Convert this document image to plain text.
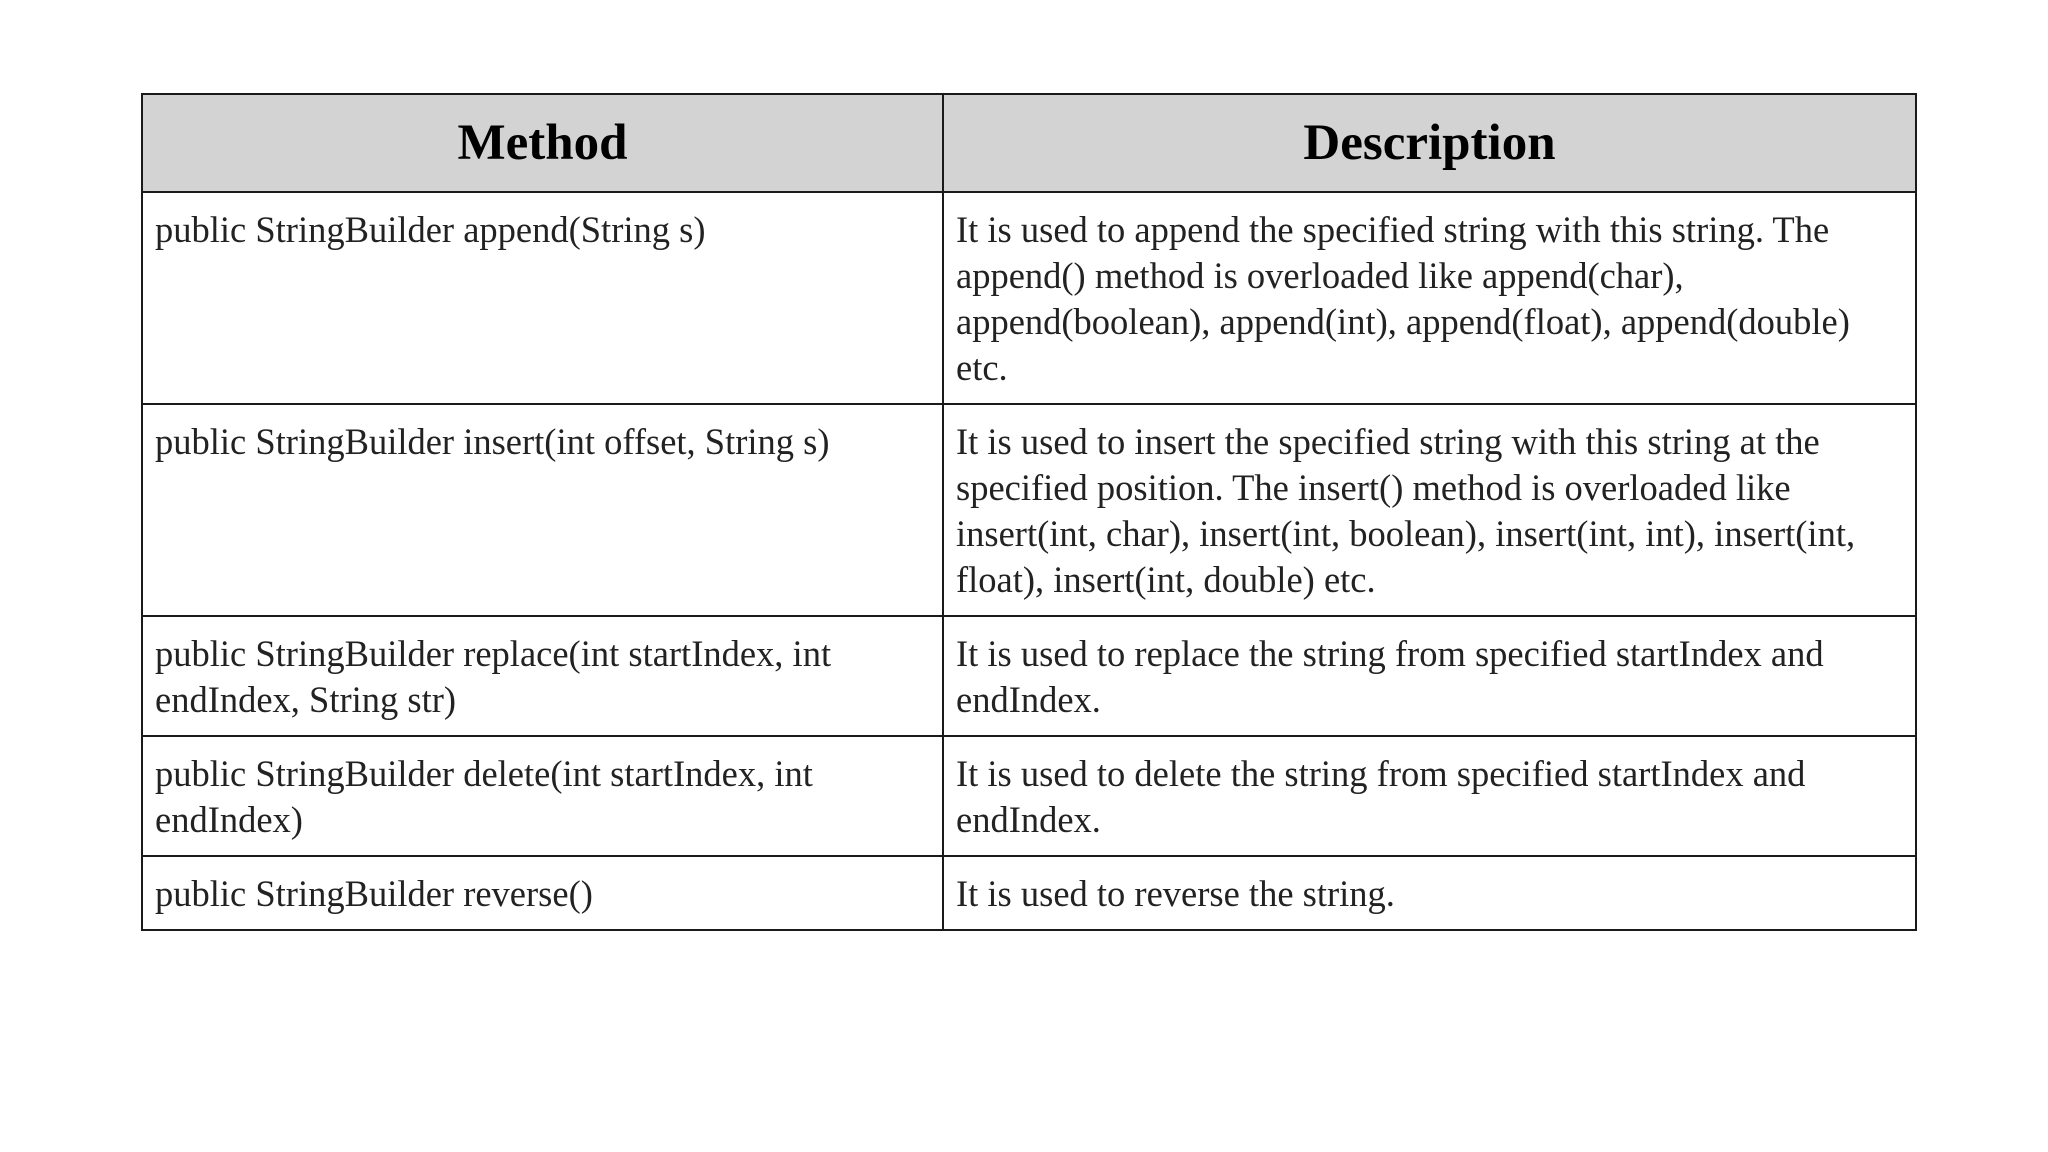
Method	Description
public StringBuilder append(String s)	It is used to append the specified string with this string. The append() method is overloaded like append(char), append(boolean), append(int), append(float), append(double) etc.
public StringBuilder insert(int offset, String s)	It is used to insert the specified string with this string at the specified position. The insert() method is overloaded like insert(int, char), insert(int, boolean), insert(int, int), insert(int, float), insert(int, double) etc.
public StringBuilder replace(int startIndex, int endIndex, String str)	It is used to replace the string from specified startIndex and endIndex.
public StringBuilder delete(int startIndex, int endIndex)	It is used to delete the string from specified startIndex and endIndex.
public StringBuilder reverse()	It is used to reverse the string.
